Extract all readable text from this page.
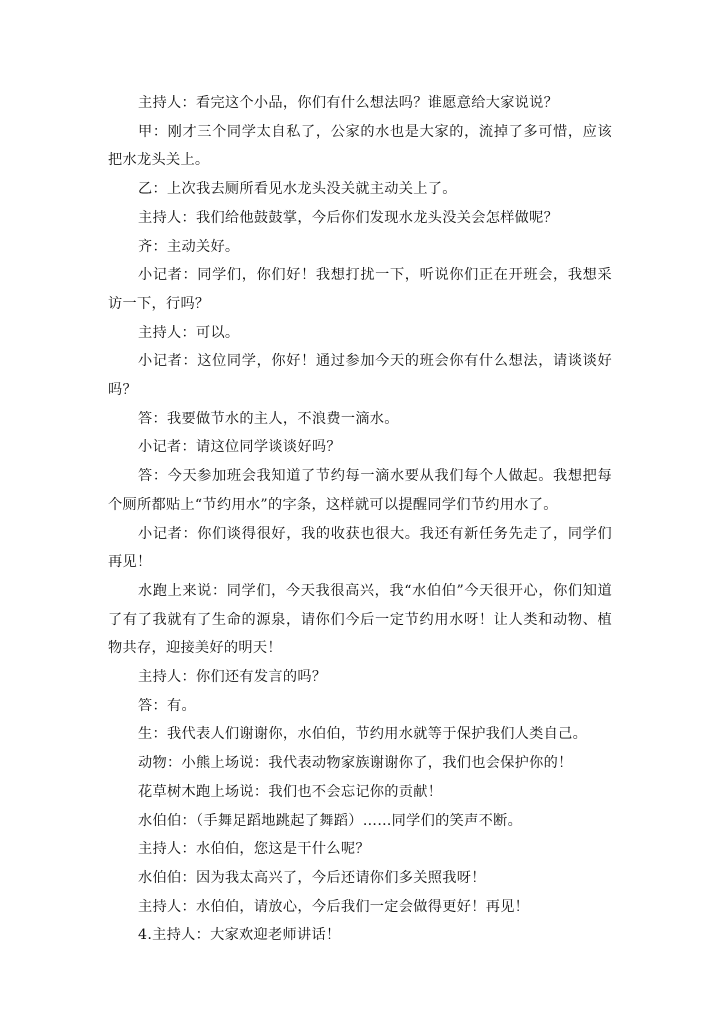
主持人：看完这个小品，你们有什么想法吗？谁愿意给大家说说？

甲：刚才三个同学太自私了，公家的水也是大家的，流掉了多可惜，应该把水龙头关上。

乙：上次我去厕所看见水龙头没关就主动关上了。

主持人：我们给他鼓鼓掌，今后你们发现水龙头没关会怎样做呢？

齐：主动关好。

小记者：同学们，你们好！我想打扰一下，听说你们正在开班会，我想采访一下，行吗？

主持人：可以。

小记者：这位同学，你好！通过参加今天的班会你有什么想法，请谈谈好吗？

答：我要做节水的主人，不浪费一滴水。

小记者：请这位同学谈谈好吗？

答：今天参加班会我知道了节约每一滴水要从我们每个人做起。我想把每个厕所都贴上“节约用水”的字条，这样就可以提醒同学们节约用水了。

小记者：你们谈得很好，我的收获也很大。我还有新任务先走了，同学们再见！

水跑上来说：同学们，今天我很高兴，我“水伯伯”今天很开心，你们知道了有了我就有了生命的源泉，请你们今后一定节约用水呀！让人类和动物、植物共存，迎接美好的明天！

主持人：你们还有发言的吗？

答：有。

生：我代表人们谢谢你，水伯伯，节约用水就等于保护我们人类自己。

动物：小熊上场说：我代表动物家族谢谢你了，我们也会保护你的！

花草树木跑上场说：我们也不会忘记你的贡献！

水伯伯：（手舞足蹈地跳起了舞蹈）……同学们的笑声不断。

主持人：水伯伯，您这是干什么呢？

水伯伯：因为我太高兴了，今后还请你们多关照我呀！

主持人：水伯伯，请放心，今后我们一定会做得更好！再见！

4.主持人：大家欢迎老师讲话！
